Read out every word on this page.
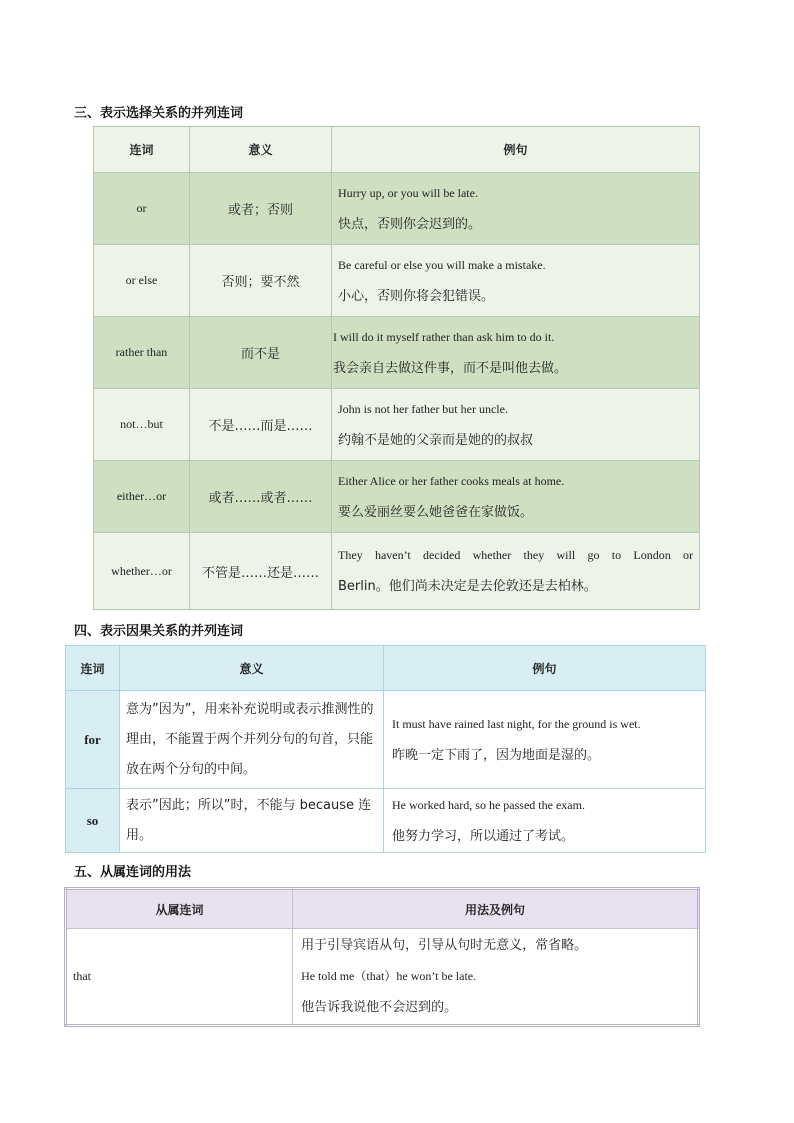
三、表示选择关系的并列连词
连词	意义	例句
or	或者；否则	Hurry up, or you will be late.
快点，否则你会迟到的。

or else	否则；要不然	Be careful or else you will make a mistake.
小心，否则你将会犯错误。

rather than	而不是	I will do it myself rather than ask him to do it.
我会亲自去做这件事，而不是叫他去做。

not…but	不是……而是……	John is not her father but her uncle.
约翰不是她的父亲而是她的的叔叔

either…or	或者……或者……	Either Alice or her father cooks meals at home.
要么爱丽丝要么她爸爸在家做饭。

whether…or	不管是……还是……	They haven’t decided whether they will go to London or
Berlin。他们尚未决定是去伦敦还是去柏林。
四、表示因果关系的并列连词
连词	意义	例句
for	意为”因为”，用来补充说明或表示推测性的理由，不能置于两个并列分句的句首，只能放在两个分句的中间。	It must have rained last night, for the ground is wet.
昨晚一定下雨了，因为地面是湿的。

so	表示”因此；所以”时，不能与 because 连用。	He worked hard, so he passed the exam.
他努力学习，所以通过了考试。
五、从属连词的用法
从属连词	用法及例句
that	用于引导宾语从句，引导从句时无意义，常省略。
He told me（that）he won’t be late.
他告诉我说他不会迟到的。
